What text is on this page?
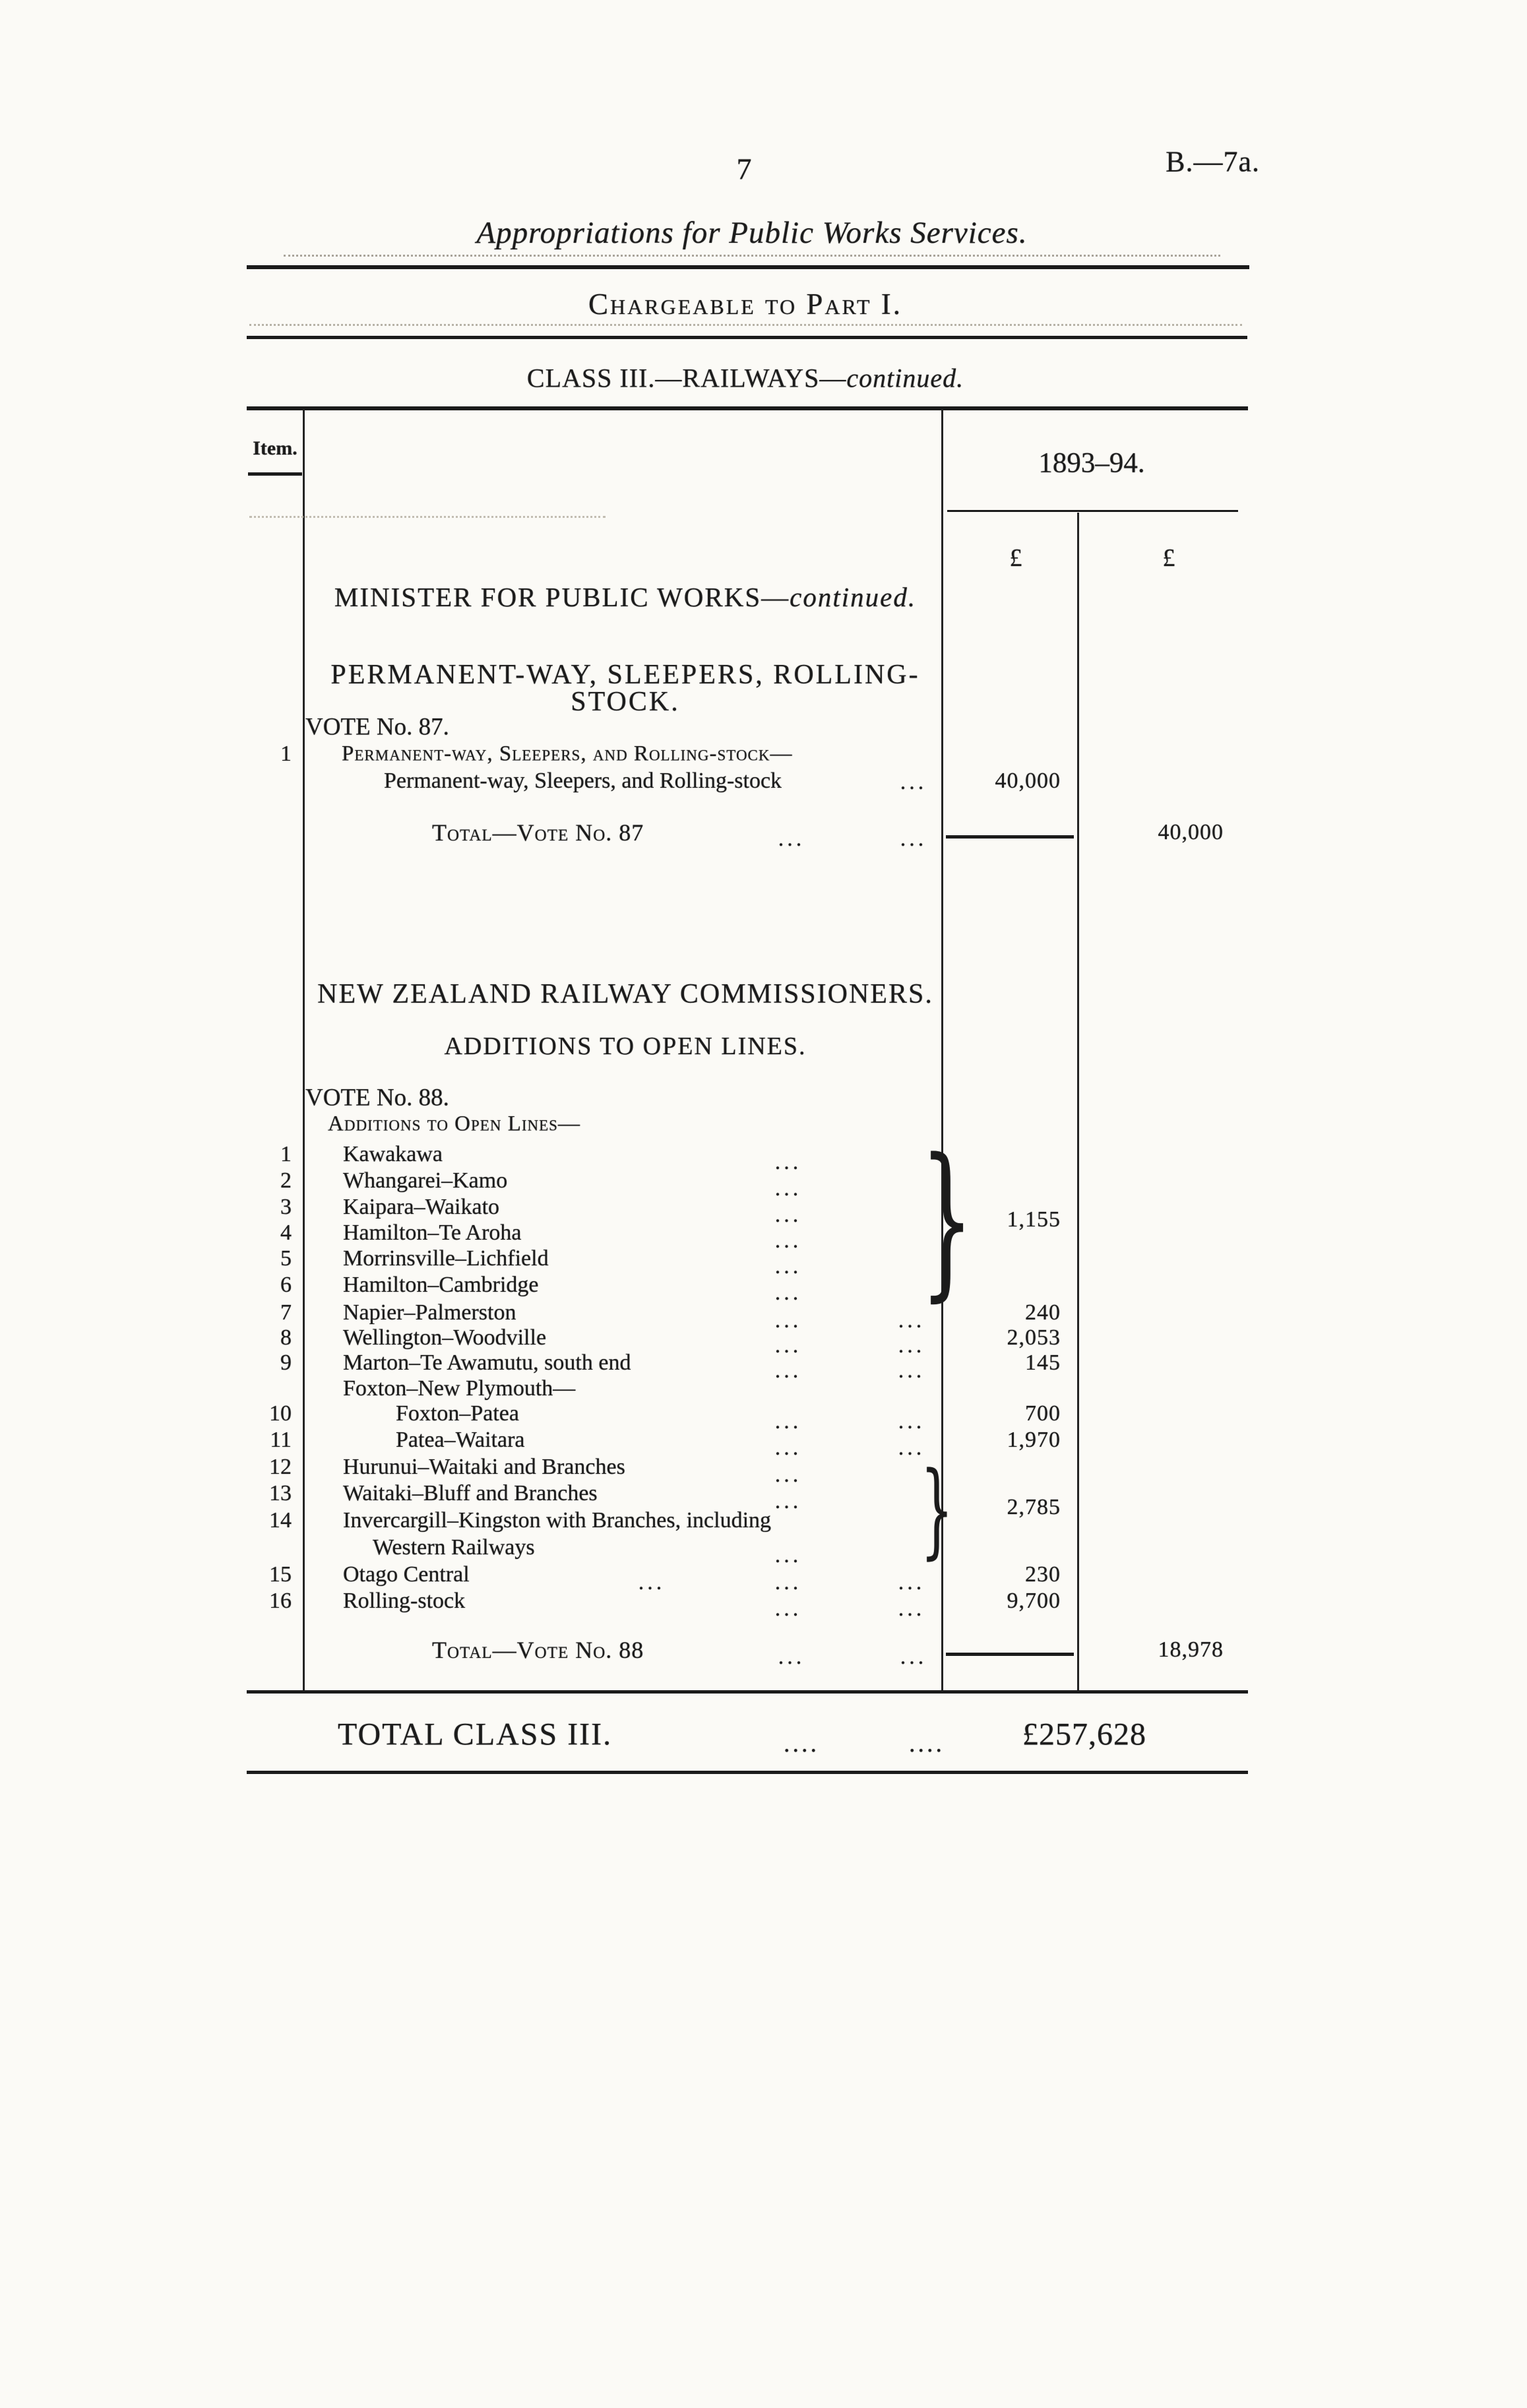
7	B.—7a.
Appropriations for Public Works Services.
Chargeable to Part I.
CLASS III.—RAILWAYS—continued.
Item.	1893–94.
£	£
MINISTER FOR PUBLIC WORKS—continued.
PERMANENT-WAY, SLEEPERS, ROLLING-
STOCK.
VOTE No. 87.
1 Permanent-way, Sleepers, and Rolling-stock—
Permanent-way, Sleepers, and Rolling-stock	...	40,000
Total—Vote No. 87	...	...	40,000
NEW ZEALAND RAILWAY COMMISSIONERS.
ADDITIONS TO OPEN LINES.
VOTE No. 88.
Additions to Open Lines—
1 Kawakawa	...
2 Whangarei–Kamo	...
3 Kaipara–Waikato	...
4 Hamilton–Te Aroha	...
5 Morrinsville–Lichfield	...
6 Hamilton–Cambridge	... } 1,155
7 Napier–Palmerston	...	...	240
8 Wellington–Woodville	...	...	2,053
9 Marton–Te Awamutu, south end	...	...	145
Foxton–New Plymouth—
10	Foxton–Patea	...	...	700
11	Patea–Waitara	...	...	1,970
12 Hurunui–Waitaki and Branches	...
13 Waitaki–Bluff and Branches	...
14 Invercargill–Kingston with Branches, including
Western Railways	... } 2,785
15 Otago Central	...	...	...	230
16 Rolling-stock	...	...	9,700
Total—Vote No. 88	...	...	18,978
TOTAL CLASS III.	....	.... £257,628
